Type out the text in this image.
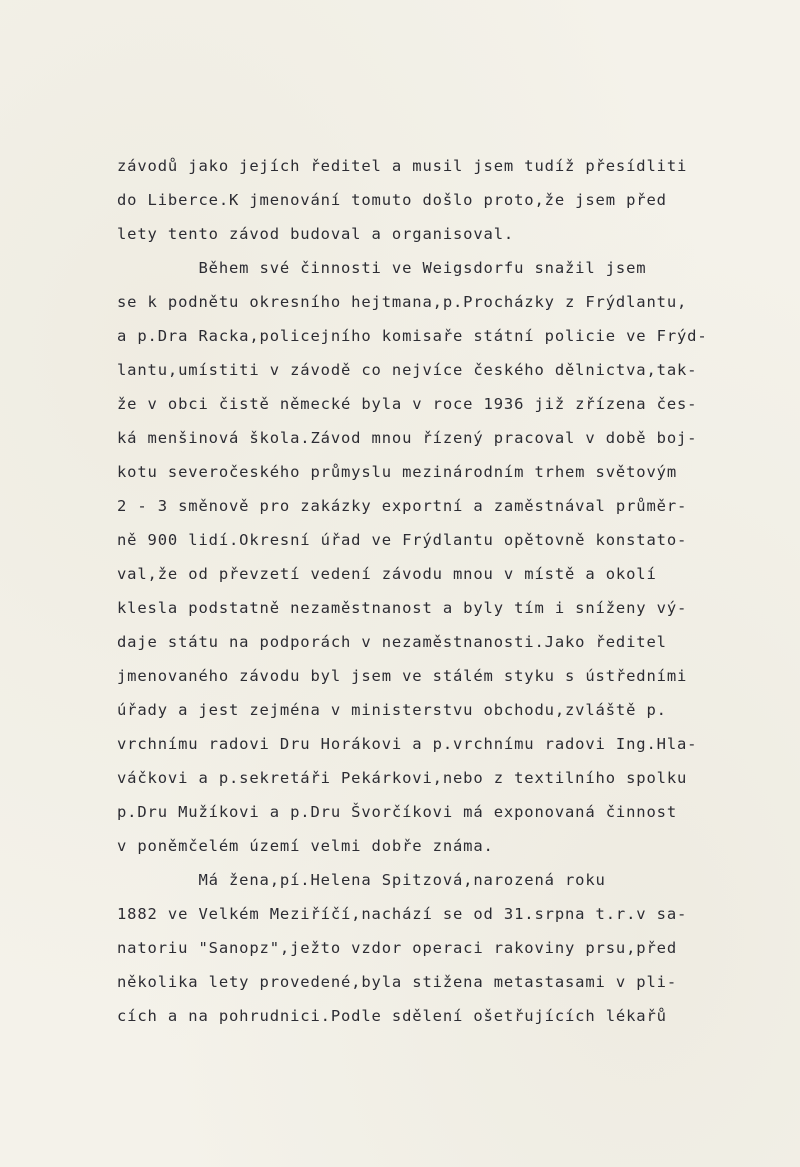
závodů jako jejích ředitel a musil jsem tudíž přesídliti
do Liberce.K jmenování tomuto došlo proto,že jsem před
lety tento závod budoval a organisoval.
Během své činnosti ve Weigsdorfu snažil jsem
se k podnětu okresního hejtmana,p.Procházky z Frýdlantu,
a p.Dra Racka,policejního komisaře státní policie ve Frýd-
lantu,umístiti v závodě co nejvíce českého dělnictva,tak-
že v obci čistě německé byla v roce 1936 již zřízena čes-
ká menšinová škola.Závod mnou řízený pracoval v době boj-
kotu severočeského průmyslu mezinárodním trhem světovým
2 - 3 směnově pro zakázky exportní a zaměstnával průměr-
ně 900 lidí.Okresní úřad ve Frýdlantu opětovně konstato-
val,že od převzetí vedení závodu mnou v místě a okolí
klesla podstatně nezaměstnanost a byly tím i sníženy vý-
daje státu na podporách v nezaměstnanosti.Jako ředitel
jmenovaného závodu byl jsem ve stálém styku s ústředními
úřady a jest zejména v ministerstvu obchodu,zvláště p.
vrchnímu radovi Dru Horákovi a p.vrchnímu radovi Ing.Hla-
váčkovi a p.sekretáři Pekárkovi,nebo z textilního spolku
p.Dru Mužíkovi a p.Dru Švorčíkovi má exponovaná činnost
v poněmčelém území velmi dobře známa.
Má žena,pí.Helena Spitzová,narozená roku
1882 ve Velkém Meziříčí,nachází se od 31.srpna t.r.v sa-
natoriu "Sanopz",ježto vzdor operaci rakoviny prsu,před
několika lety provedené,byla stižena metastasami v pli-
cích a na pohrudnici.Podle sdělení ošetřujících lékařů
